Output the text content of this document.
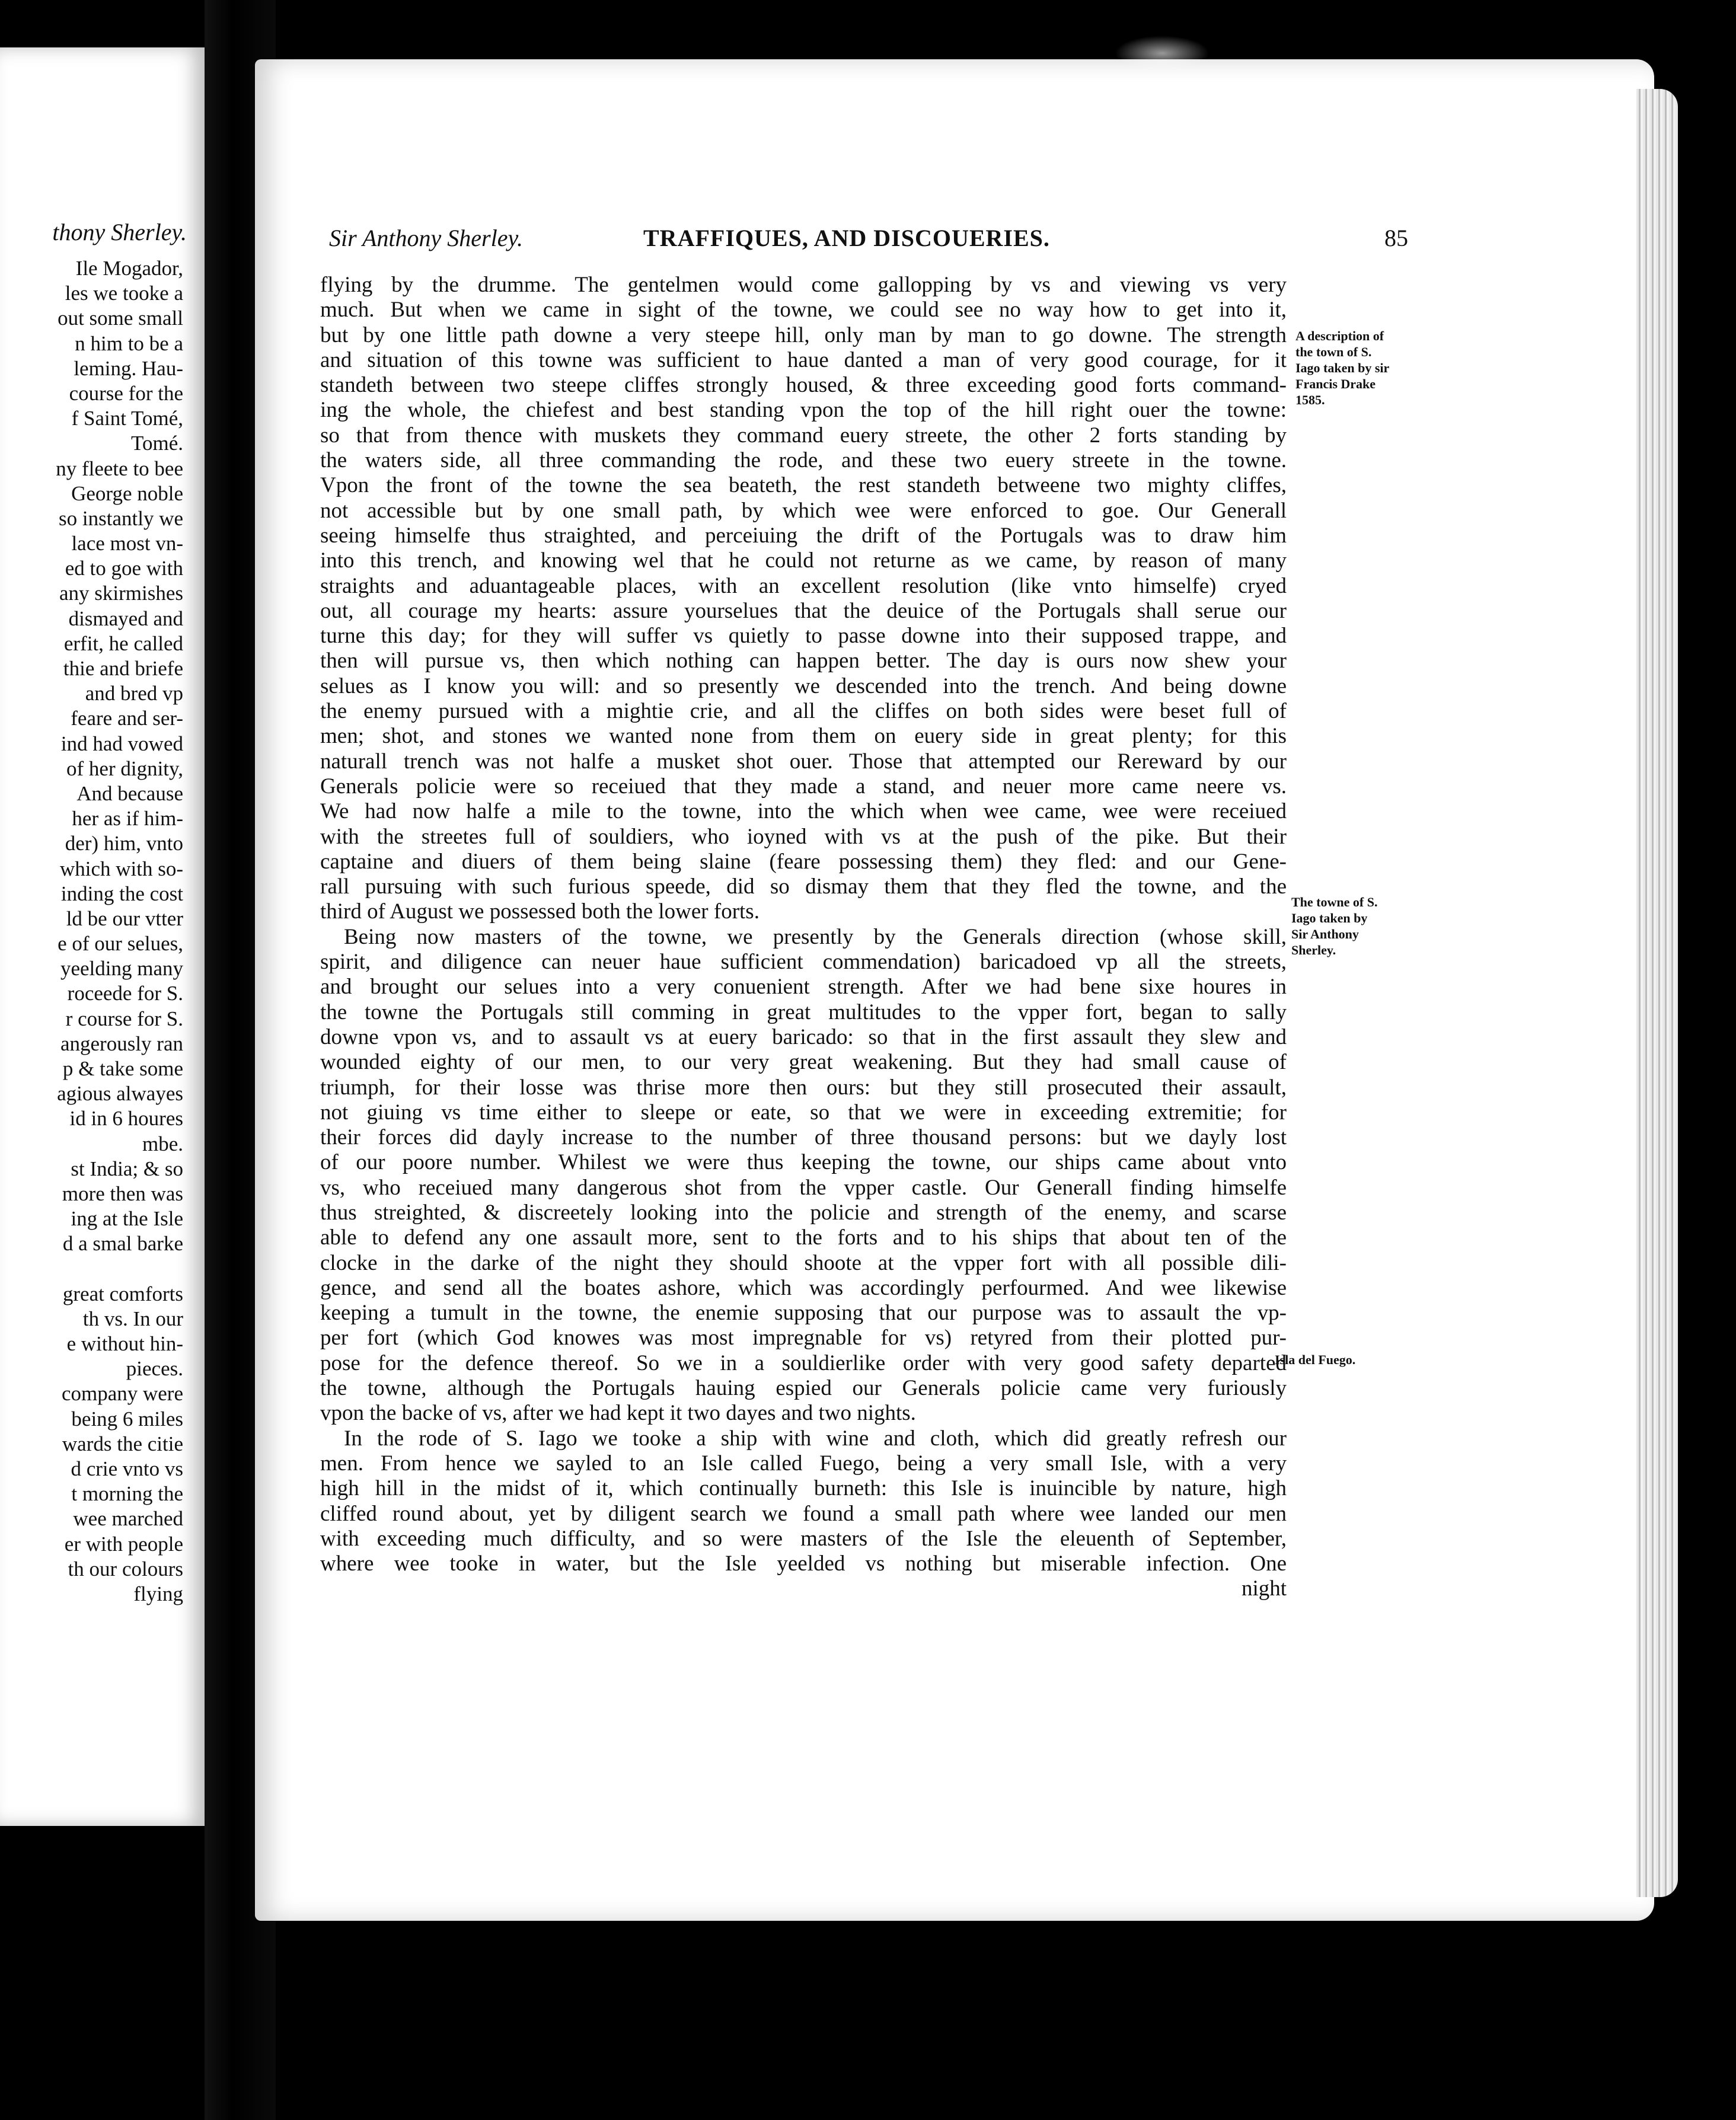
thony Sherley.
Ile Mogador,
les we tooke a
out some small
n him to be a
leming. Hau-
course for the
f Saint Tomé,
Tomé.
ny fleete to bee
George noble
so instantly we
lace most vn-
ed to goe with
any skirmishes
dismayed and
erfit, he called
thie and briefe
and bred vp
feare and ser-
ind had vowed
of her dignity,
And because
her as if him-
der) him, vnto
which with so-
inding the cost
ld be our vtter
e of our selues,
yeelding many
roceede for S.
r course for S.
angerously ran
p & take some
agious alwayes
id in 6 houres
mbe.
st India; & so
more then was
ing at the Isle
d a smal barke
great comforts
th vs. In our
e without hin-
pieces.
company were
being 6 miles
wards the citie
d crie vnto vs
t morning the
wee marched
er with people
th our colours
flying
Sir Anthony Sherley.	TRAFFIQUES, AND DISCOUERIES.	85
flying by the drumme. The gentelmen would come gallopping by vs and viewing vs very
much. But when we came in sight of the towne, we could see no way how to get into it,
but by one little path downe a very steepe hill, only man by man to go downe. The strength
and situation of this towne was sufficient to haue danted a man of very good courage, for it
standeth between two steepe cliffes strongly housed, & three exceeding good forts command-
ing the whole, the chiefest and best standing vpon the top of the hill right ouer the towne:
so that from thence with muskets they command euery streete, the other 2 forts standing by
the waters side, all three commanding the rode, and these two euery streete in the towne.
Vpon the front of the towne the sea beateth, the rest standeth betweene two mighty cliffes,
not accessible but by one small path, by which wee were enforced to goe. Our Generall
seeing himselfe thus straighted, and perceiuing the drift of the Portugals was to draw him
into this trench, and knowing wel that he could not returne as we came, by reason of many
straights and aduantageable places, with an excellent resolution (like vnto himselfe) cryed
out, all courage my hearts: assure yourselues that the deuice of the Portugals shall serue our
turne this day; for they will suffer vs quietly to passe downe into their supposed trappe, and
then will pursue vs, then which nothing can happen better. The day is ours now shew your
selues as I know you will: and so presently we descended into the trench. And being downe
the enemy pursued with a mightie crie, and all the cliffes on both sides were beset full of
men; shot, and stones we wanted none from them on euery side in great plenty; for this
naturall trench was not halfe a musket shot ouer. Those that attempted our Rereward by our
Generals policie were so receiued that they made a stand, and neuer more came neere vs.
We had now halfe a mile to the towne, into the which when wee came, wee were receiued
with the streetes full of souldiers, who ioyned with vs at the push of the pike. But their
captaine and diuers of them being slaine (feare possessing them) they fled: and our Gene-
rall pursuing with such furious speede, did so dismay them that they fled the towne, and the
third of August we possessed both the lower forts.
Being now masters of the towne, we presently by the Generals direction (whose skill,
spirit, and diligence can neuer haue sufficient commendation) baricadoed vp all the streets,
and brought our selues into a very conuenient strength. After we had bene sixe houres in
the towne the Portugals still comming in great multitudes to the vpper fort, began to sally
downe vpon vs, and to assault vs at euery baricado: so that in the first assault they slew and
wounded eighty of our men, to our very great weakening. But they had small cause of
triumph, for their losse was thrise more then ours: but they still prosecuted their assault,
not giuing vs time either to sleepe or eate, so that we were in exceeding extremitie; for
their forces did dayly increase to the number of three thousand persons: but we dayly lost
of our poore number. Whilest we were thus keeping the towne, our ships came about vnto
vs, who receiued many dangerous shot from the vpper castle. Our Generall finding himselfe
thus streighted, & discreetely looking into the policie and strength of the enemy, and scarse
able to defend any one assault more, sent to the forts and to his ships that about ten of the
clocke in the darke of the night they should shoote at the vpper fort with all possible dili-
gence, and send all the boates ashore, which was accordingly perfourmed. And wee likewise
keeping a tumult in the towne, the enemie supposing that our purpose was to assault the vp-
per fort (which God knowes was most impregnable for vs) retyred from their plotted pur-
pose for the defence thereof. So we in a souldierlike order with very good safety departed
the towne, although the Portugals hauing espied our Generals policie came very furiously
vpon the backe of vs, after we had kept it two dayes and two nights.
In the rode of S. Iago we tooke a ship with wine and cloth, which did greatly refresh our
men. From hence we sayled to an Isle called Fuego, being a very small Isle, with a very
high hill in the midst of it, which continually burneth: this Isle is inuincible by nature, high
cliffed round about, yet by diligent search we found a small path where wee landed our men
with exceeding much difficulty, and so were masters of the Isle the eleuenth of September,
where wee tooke in water, but the Isle yeelded vs nothing but miserable infection. One
night
A description of
the town of S.
Iago taken by sir
Francis Drake
1585.
The towne of S.
Iago taken by
Sir Anthony
Sherley.
Isla del Fuego.
